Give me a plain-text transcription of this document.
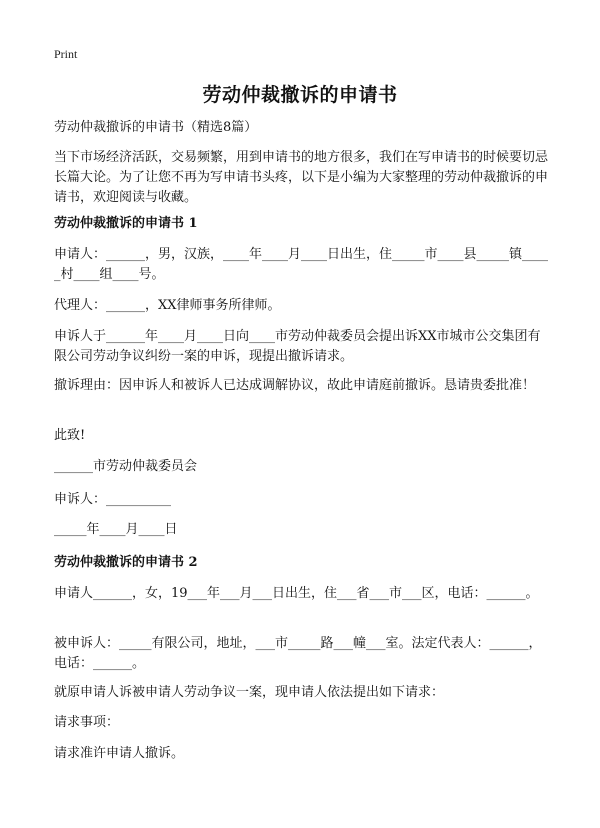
Print
劳动仲裁撤诉的申请书
劳动仲裁撤诉的申请书（精选8篇）
当下市场经济活跃，交易频繁，用到申请书的地方很多，我们在写申请书的时候要切忌长篇大论。为了让您不再为写申请书头疼，以下是小编为大家整理的劳动仲裁撤诉的申请书，欢迎阅读与收藏。
劳动仲裁撤诉的申请书 1
申请人：______，男，汉族，____年____月____日出生，住_____市____县_____镇_____村____组____号。
代理人：______，XX律师事务所律师。
申诉人于______年____月____日向____市劳动仲裁委员会提出诉XX市城市公交集团有限公司劳动争议纠纷一案的申诉，现提出撤诉请求。
撤诉理由：因申诉人和被诉人已达成调解协议，故此申请庭前撤诉。恳请贵委批准！
此致!
______市劳动仲裁委员会
申诉人：__________
_____年____月____日
劳动仲裁撤诉的申请书 2
申请人______，女，19___年___月___日出生，住___省___市___区，电话：______。
被申诉人：_____有限公司，地址，___市_____路___幢___室。法定代表人：______，电话：______。
就原申请人诉被申请人劳动争议一案，现申请人依法提出如下请求：
请求事项：
请求准许申请人撤诉。
